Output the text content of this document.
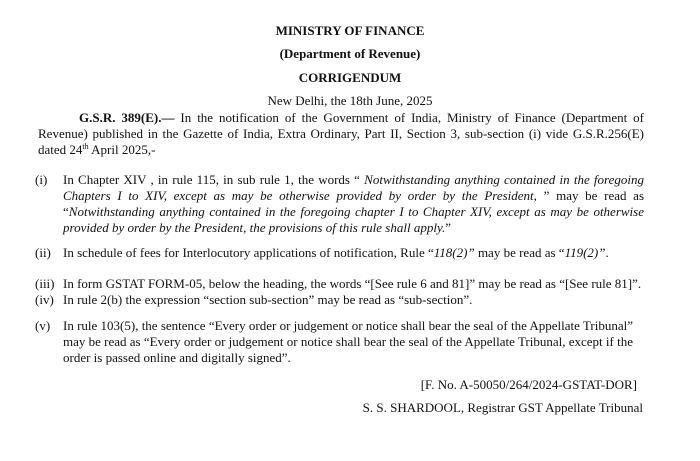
MINISTRY OF FINANCE
(Department of Revenue)
CORRIGENDUM
New Delhi, the 18th June, 2025
G.S.R. 389(E).— In the notification of the Government of India, Ministry of Finance (Department of Revenue) published in the Gazette of India, Extra Ordinary, Part II, Section 3, sub-section (i) vide G.S.R.256(E) dated 24th April 2025,-
(i)	In Chapter XIV , in rule 115, in sub rule 1, the words “ Notwithstanding anything contained in the foregoing Chapters I to XIV, except as may be otherwise provided by order by the President, ” may be read as “Notwithstanding anything contained in the foregoing chapter I to Chapter XIV, except as may be otherwise provided by order by the President, the provisions of this rule shall apply.”
(ii) In schedule of fees for Interlocutory applications of notification, Rule “118(2)” may be read as “119(2)”.
(iii) In form GSTAT FORM-05, below the heading, the words “[See rule 6 and 81]” may be read as “[See rule 81]”.
(iv) In rule 2(b) the expression “section sub-section” may be read as “sub-section”.
(v) In rule 103(5), the sentence “Every order or judgement or notice shall bear the seal of the Appellate Tribunal” may be read as “Every order or judgement or notice shall bear the seal of the Appellate Tribunal, except if the order is passed online and digitally signed”.
[F. No. A-50050/264/2024-GSTAT-DOR]
S. S. SHARDOOL, Registrar GST Appellate Tribunal
